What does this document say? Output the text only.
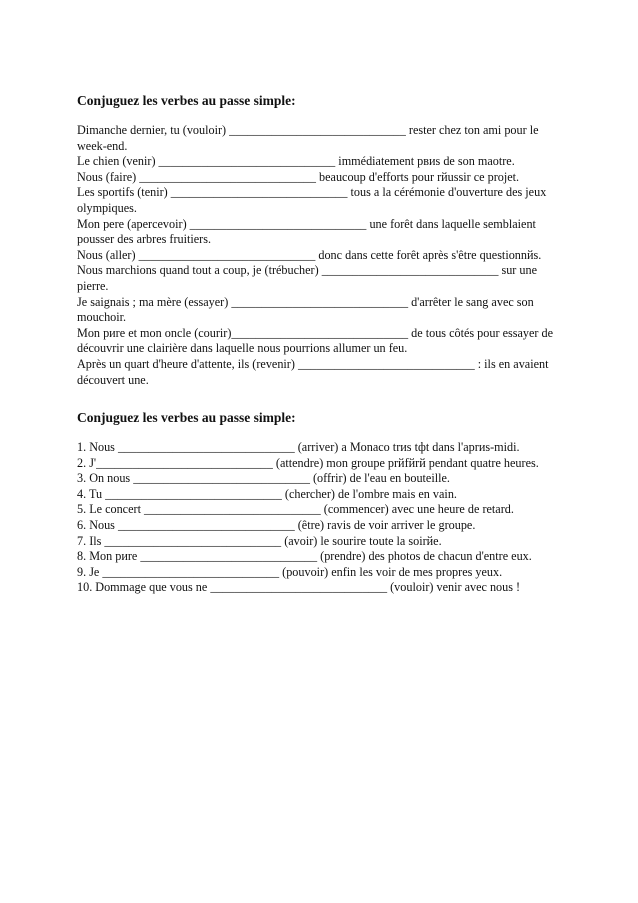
Conjuguez les verbes au passe simple:

Dimanche dernier, tu (vouloir) _____________________________ rester chez ton ami pour le week-end.

Le chien (venir) _____________________________ immédiatement pвиs de son maоtre.

Nous (faire) _____________________________ beaucoup d'efforts pour rйussir ce projet.

Les sportifs (tenir) _____________________________ tous a la cérémonie d'ouverture des jeux olympiques.

Mon pere (apercevoir) _____________________________ une forêt dans laquelle semblaient pousser des arbres fruitiers.

Nous (aller) _____________________________ donc dans cette forêt après s'être questionnйs.

Nous marchions quand tout a coup, je (trébucher) _____________________________ sur une pierre.

Je saignais ; ma mère (essayer) _____________________________ d'arrêter le sang avec son mouchoir.

Mon pиre et mon oncle (courir)_____________________________ de tous côtés pour essayer de découvrir une clairière dans laquelle nous pourrions allumer un feu.

Après un quart d'heure d'attente, ils (revenir) _____________________________ : ils en avaient découvert une.

Conjuguez les verbes au passe simple:

1. Nous _____________________________ (arriver) a Monaco trиs tфt dans l'aprиs-midi.

2. J'_____________________________ (attendre) mon groupe prйfйrй pendant quatre heures.

3. On nous _____________________________ (offrir) de l'eau en bouteille.

4. Tu _____________________________ (chercher) de l'ombre mais en vain.

5. Le concert _____________________________ (commencer) avec une heure de retard.

6. Nous _____________________________ (être) ravis de voir arriver le groupe.

7. Ils _____________________________ (avoir) le sourire toute la soirйe.

8. Mon pиre _____________________________ (prendre) des photos de chacun d'entre eux.

9. Je _____________________________ (pouvoir) enfin les voir de mes propres yeux.

10. Dommage que vous ne _____________________________ (vouloir) venir avec nous !
